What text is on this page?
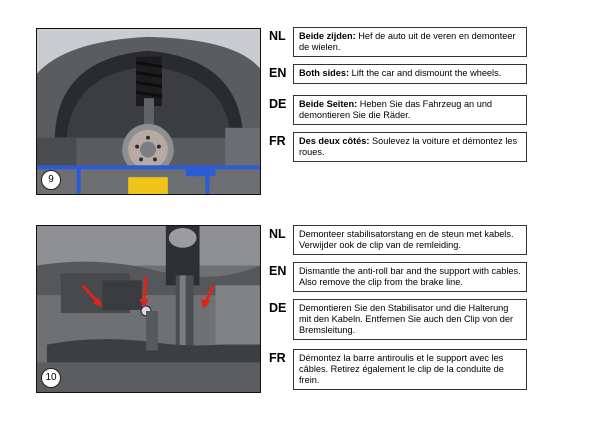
9
NL	Beide zijden: Hef de auto uit de veren en demonteer de wielen.
EN	Both sides: Lift the car and dismount the wheels.
DE	Beide Seiten: Heben Sie das Fahrzeug an und demontieren Sie die Räder.
FR	Des deux côtés: Soulevez la voiture et démontez les roues.
10
NL	Demonteer stabilisatorstang en de steun met kabels. Verwijder ook de clip van de remleiding.
EN	Dismantle the anti-roll bar and the support with cables. Also remove the clip from the brake line.
DE	Demontieren Sie den Stabilisator und die Halterung mit den Kabeln. Entfernen Sie auch den Clip von der Bremsleitung.
FR	Démontez la barre antiroulis et le support avec les câbles. Retirez également le clip de la conduite de frein.
